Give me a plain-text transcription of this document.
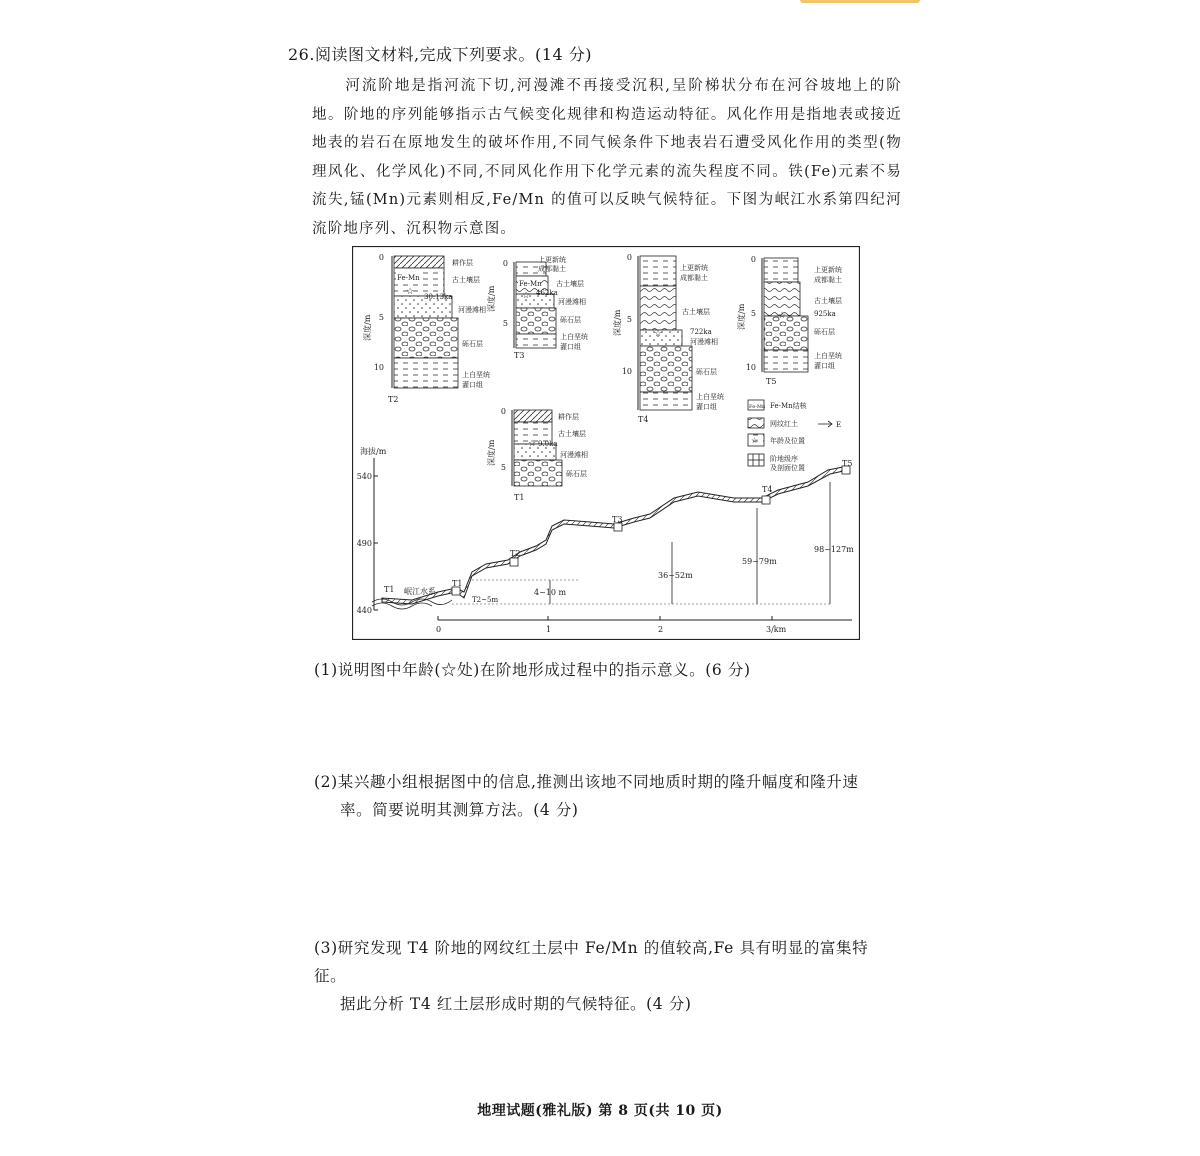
26.阅读图文材料,完成下列要求。(14 分)

河流阶地是指河流下切,河漫滩不再接受沉积,呈阶梯状分布在河谷坡地上的阶地。阶地的序列能够指示古气候变化规律和构造运动特征。风化作用是指地表或接近地表的岩石在原地发生的破坏作用,不同气候条件下地表岩石遭受风化作用的类型(物理风化、化学风化)不同,不同风化作用下化学元素的流失程度不同。铁(Fe)元素不易流失,锰(Mn)元素则相反,Fe/Mn 的值可以反映气候特征。下图为岷江水系第四纪河流阶地序列、沉积物示意图。

0
5
10
深度/m
Fe-Mn
耕作层
古土壤层
☆ 30.13ka
河漫滩相
砾石层
上白垩统
灌口组
T2
0
5
深度/m
Fe-Mn
上更新统
成都黏土
古土壤层
☆ 462ka
河漫滩相
砾石层
上白垩统
灌口组
T3
0
5
10
深度/m
上更新统
成都黏土
古土壤层
☆	722ka
河漫滩相
砾石层
上白垩统
灌口组
T4
0
5
10
深度/m
上更新统
成都黏土
古土壤层
☆	925ka
砾石层
上白垩统
灌口组
T5
0
5
深度/m
耕作层
古土壤层
☆ 9.0ka
河漫滩相
砾石层
T1
Fe-Mn Fe-Mn结核
网纹红土	E
☆ 年龄及位置
阶地级序
及剖面位置
海拔/m
540
490
440
0	1	2	3/km
T1
T1
T2
T3
T4
T5
岷江水系	4~10 m
T2~5m
36~52m
59~79m
98~127m
(1)说明图中年龄(☆处)在阶地形成过程中的指示意义。(6 分)
(2)某兴趣小组根据图中的信息,推测出该地不同地质时期的隆升幅度和隆升速
率。简要说明其测算方法。(4 分)
(3)研究发现 T4 阶地的网纹红土层中 Fe/Mn 的值较高,Fe 具有明显的富集特征。
据此分析 T4 红土层形成时期的气候特征。(4 分)
地理试题(雅礼版) 第 8 页(共 10 页)
